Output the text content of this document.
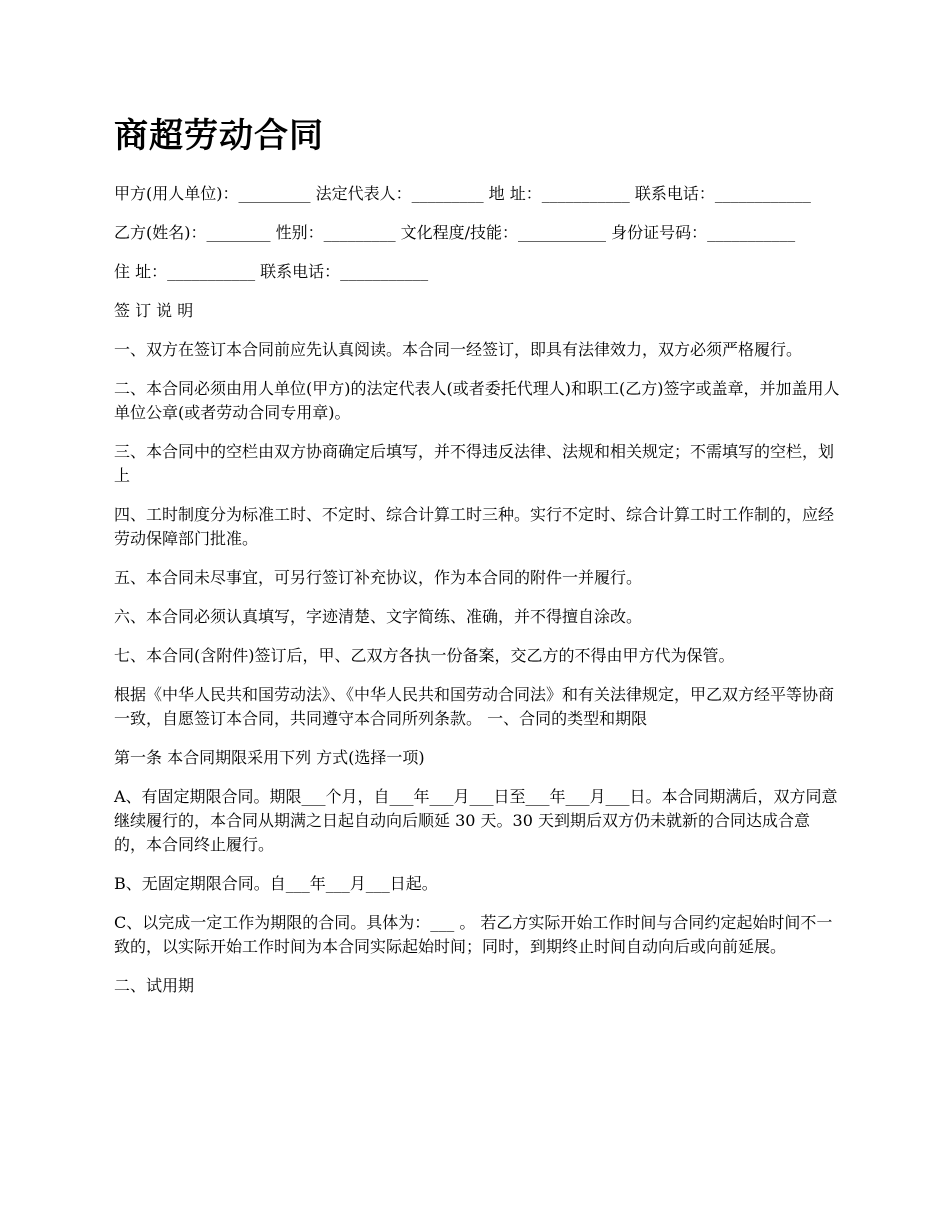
商超劳动合同

甲方(用人单位)：_________ 法定代表人：_________ 地 址：___________ 联系电话：____________

乙方(姓名)：________ 性别：_________ 文化程度/技能：___________ 身份证号码：___________

住 址：___________ 联系电话：___________

签 订 说 明

一、双方在签订本合同前应先认真阅读。本合同一经签订，即具有法律效力，双方必须严格履行。

二、本合同必须由用人单位(甲方)的法定代表人(或者委托代理人)和职工(乙方)签字或盖章，并加盖用人单位公章(或者劳动合同专用章)。

三、本合同中的空栏由双方协商确定后填写，并不得违反法律、法规和相关规定；不需填写的空栏，划上

四、工时制度分为标准工时、不定时、综合计算工时三种。实行不定时、综合计算工时工作制的，应经劳动保障部门批准。

五、本合同未尽事宜，可另行签订补充协议，作为本合同的附件一并履行。

六、本合同必须认真填写，字迹清楚、文字简练、准确，并不得擅自涂改。

七、本合同(含附件)签订后，甲、乙双方各执一份备案，交乙方的不得由甲方代为保管。

根据《中华人民共和国劳动法》、《中华人民共和国劳动合同法》和有关法律规定，甲乙双方经平等协商一致，自愿签订本合同，共同遵守本合同所列条款。 一、合同的类型和期限

第一条 本合同期限采用下列 方式(选择一项)

A、有固定期限合同。期限___个月，自___年___月___日至___年___月___日。本合同期满后，双方同意继续履行的，本合同从期满之日起自动向后顺延 30 天。30 天到期后双方仍未就新的合同达成合意的，本合同终止履行。

B、无固定期限合同。自___年___月___日起。

C、以完成一定工作为期限的合同。具体为：___ 。 若乙方实际开始工作时间与合同约定起始时间不一致的，以实际开始工作时间为本合同实际起始时间；同时，到期终止时间自动向后或向前延展。

二、试用期
